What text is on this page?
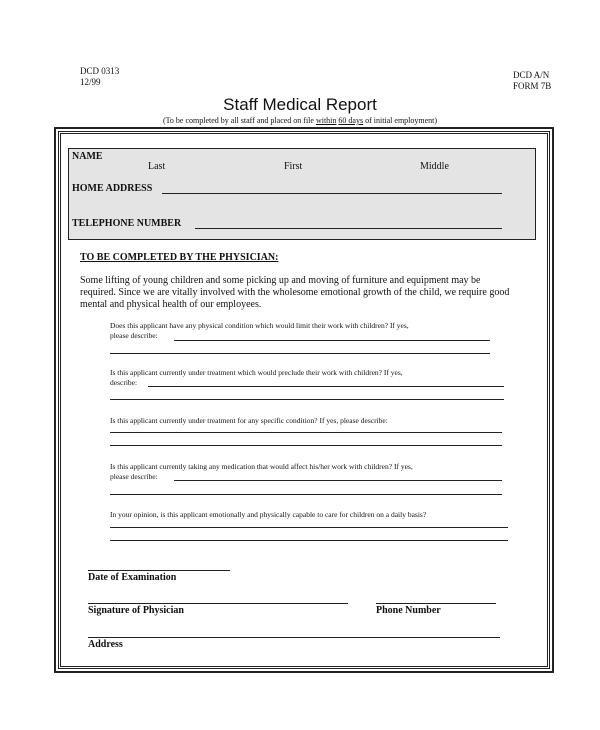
DCD 0313
12/99
DCD A/N
FORM 7B
Staff Medical Report
(To be completed by all staff and placed on file within 60 days of initial employment)
NAME
Last	First	Middle
HOME ADDRESS
TELEPHONE NUMBER
TO BE COMPLETED BY THE PHYSICIAN:
Some lifting of young children and some picking up and moving of furniture and equipment may be required. Since we are vitally involved with the wholesome emotional growth of the child, we require good mental and physical health of our employees.
Does this applicant have any physical condition which would limit their work with children? If yes,
please describe:
Is this applicant currently under treatment which would preclude their work with children? If yes,
describe:
Is this applicant currently under treatment for any specific condition? If yes, please describe:
Is this applicant currently taking any medication that would affect his/her work with children? If yes,
please describe:
In your opinion, is this applicant emotionally and physically capable to care for children on a daily basis?
Date of Examination
Signature of Physician	Phone Number
Address
